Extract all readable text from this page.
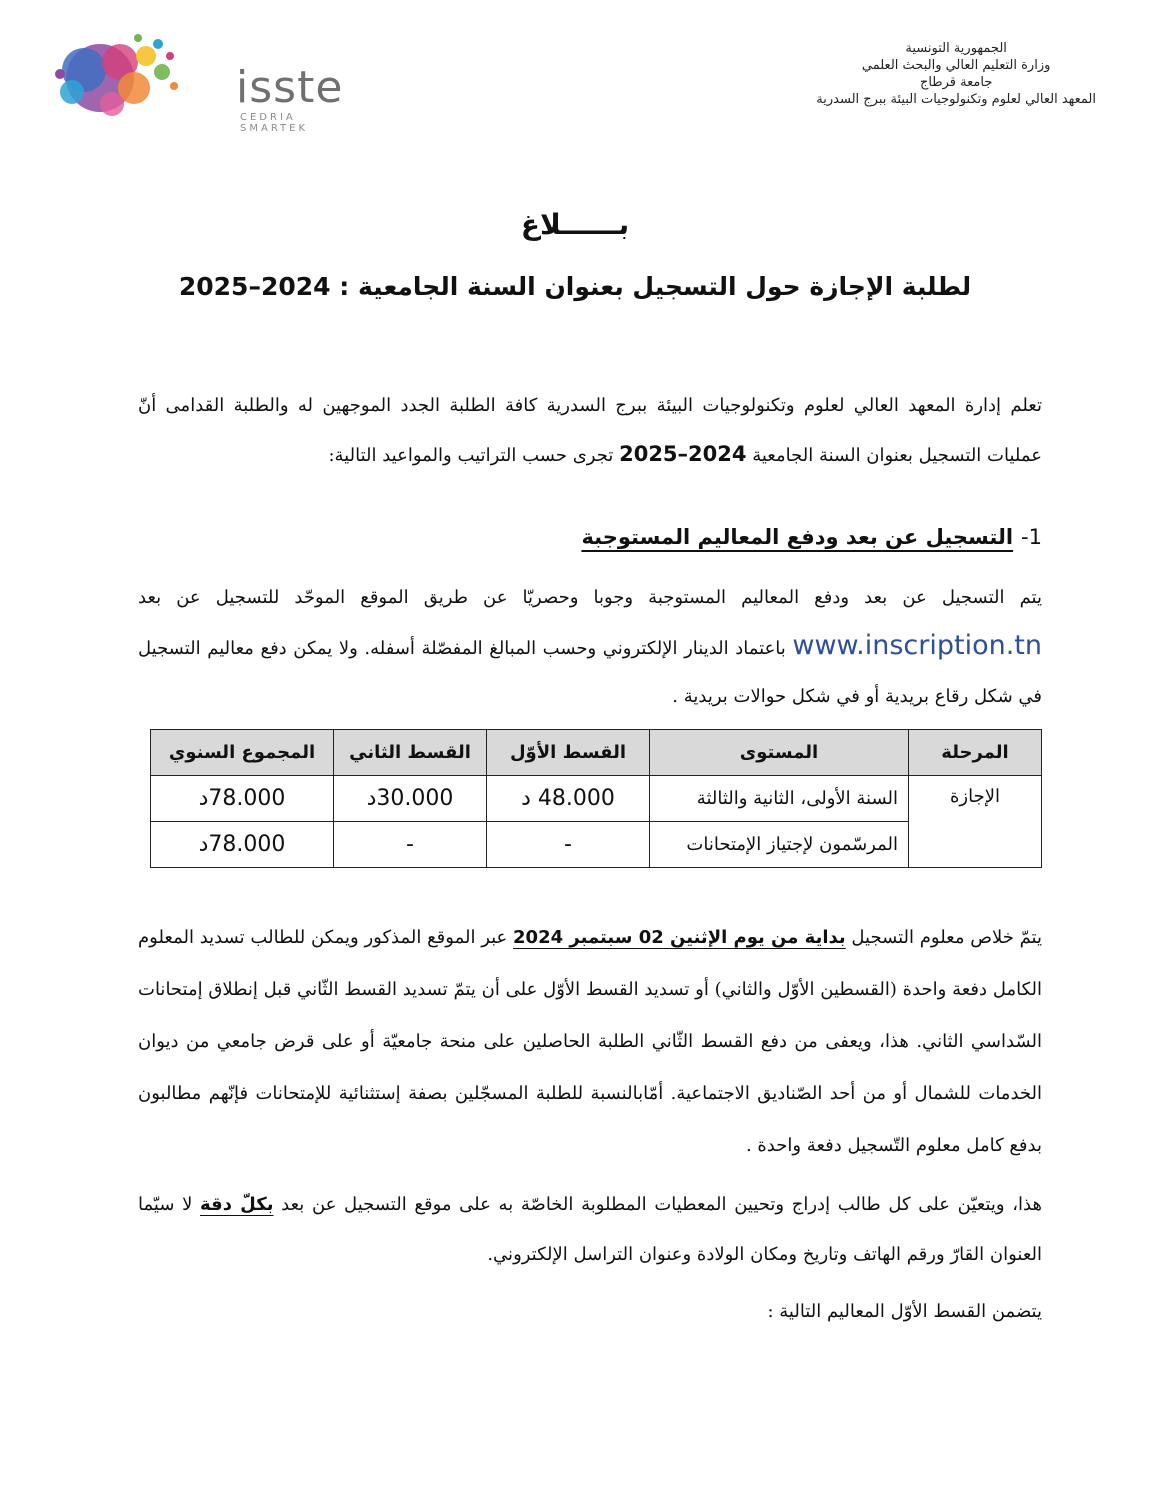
isste
CEDRIA SMARTEK
الجمهورية التونسية
وزارة التعليم العالي والبحث العلمي
جامعة قرطاج
المعهد العالي لعلوم وتكنولوجيات البيئة ببرج السدرية
بــــــلاغ
لطلبة الإجازة حول التسجيل بعنوان السنة الجامعية : 2024–2025

تعلم إدارة المعهد العالي لعلوم وتكنولوجيات البيئة ببرج السدرية كافة الطلبة الجدد الموجهين له والطلبة القدامى أنّ عمليات التسجيل بعنوان السنة الجامعية 2024–2025 تجرى حسب التراتيب والمواعيد التالية:

1-التسجيل عن بعد ودفع المعاليم المستوجبة

يتم التسجيل عن بعد ودفع المعاليم المستوجبة وجوبا وحصريّا عن طريق الموقع الموحّد للتسجيل عن بعد www.inscription.tn باعتماد الدينار الإلكتروني وحسب المبالغ المفصّلة أسفله. ولا يمكن دفع معاليم التسجيل في شكل رقاع بريدية أو في شكل حوالات بريدية .

المرحلة	المستوى	القسط الأوّل	القسط الثاني	المجموع السنوي
الإجازة	السنة الأولى، الثانية والثالثة	48.000 د	30.000د	78.000د
	المرسّمون لإجتياز الإمتحانات	-	-	78.000د

يتمّ خلاص معلوم التسجيل بداية من يوم الإثنين 02 سبتمبر 2024 عبر الموقع المذكور ويمكن للطالب تسديد المعلوم الكامل دفعة واحدة (القسطين الأوّل والثاني) أو تسديد القسط الأوّل على أن يتمّ تسديد القسط الثّاني قبل إنطلاق إمتحانات السّداسي الثاني. هذا، ويعفى من دفع القسط الثّاني الطلبة الحاصلين على منحة جامعيّة أو على قرض جامعي من ديوان الخدمات للشمال أو من أحد الصّناديق الاجتماعية. أمّابالنسبة للطلبة المسجّلين بصفة إستثنائية للإمتحانات فإنّهم مطالبون بدفع كامل معلوم التّسجيل دفعة واحدة .

هذا، ويتعيّن على كل طالب إدراج وتحيين المعطيات المطلوبة الخاصّة به على موقع التسجيل عن بعد بكلّ دقة لا سيّما العنوان القارّ ورقم الهاتف وتاريخ ومكان الولادة وعنوان التراسل الإلكتروني.

يتضمن القسط الأوّل المعاليم التالية :
